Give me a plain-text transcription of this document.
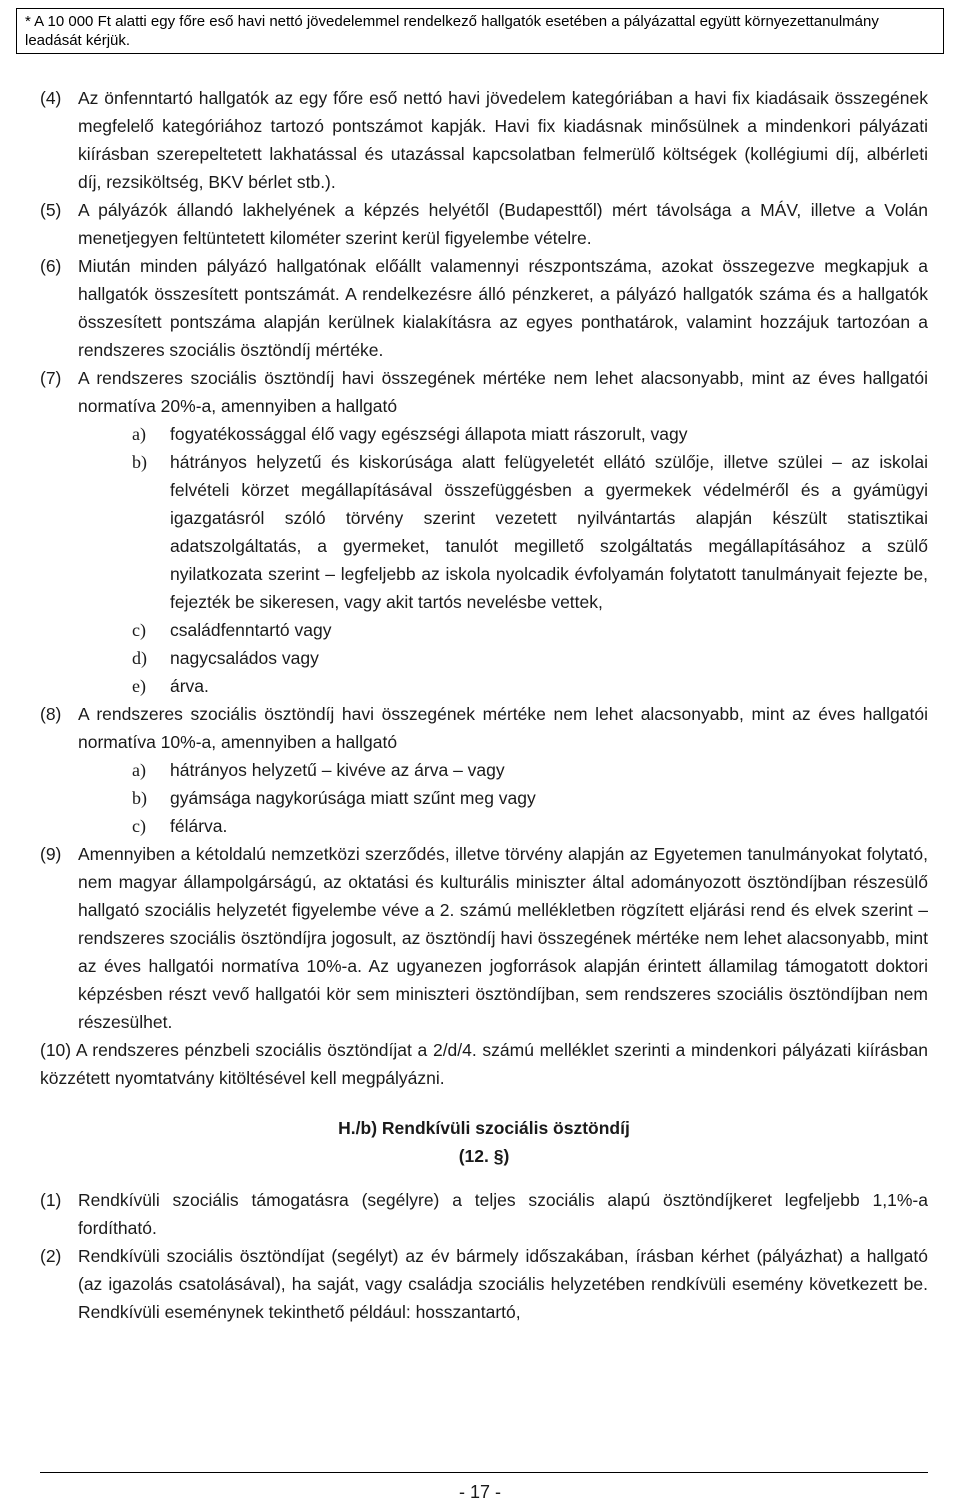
* A 10 000 Ft alatti egy főre eső havi nettó jövedelemmel rendelkező hallgatók esetében a pályázattal együtt környezettanulmány leadását kérjük.

(4) Az önfenntartó hallgatók az egy főre eső nettó havi jövedelem kategóriában a havi fix kiadásaik összegének megfelelő kategóriához tartozó pontszámot kapják. Havi fix kiadásnak minősülnek a mindenkori pályázati kiírásban szerepeltetett lakhatással és utazással kapcsolatban felmerülő költségek (kollégiumi díj, albérleti díj, rezsiköltség, BKV bérlet stb.).

(5) A pályázók állandó lakhelyének a képzés helyétől (Budapesttől) mért távolsága a MÁV, illetve a Volán menetjegyen feltüntetett kilométer szerint kerül figyelembe vételre.

(6) Miután minden pályázó hallgatónak előállt valamennyi részpontszáma, azokat összegezve megkapjuk a hallgatók összesített pontszámát. A rendelkezésre álló pénzkeret, a pályázó hallgatók száma és a hallgatók összesített pontszáma alapján kerülnek kialakításra az egyes ponthatárok, valamint hozzájuk tartozóan a rendszeres szociális ösztöndíj mértéke.

(7) A rendszeres szociális ösztöndíj havi összegének mértéke nem lehet alacsonyabb, mint az éves hallgatói normatíva 20%-a, amennyiben a hallgató

a) fogyatékossággal élő vagy egészségi állapota miatt rászorult, vagy
b) hátrányos helyzetű és kiskorúsága alatt felügyeletét ellátó szülője, illetve szülei – az iskolai felvételi körzet megállapításával összefüggésben a gyermekek védelméről és a gyámügyi igazgatásról szóló törvény szerint vezetett nyilvántartás alapján készült statisztikai adatszolgáltatás, a gyermeket, tanulót megillető szolgáltatás megállapításához a szülő nyilatkozata szerint – legfeljebb az iskola nyolcadik évfolyamán folytatott tanulmányait fejezte be, fejezték be sikeresen, vagy akit tartós nevelésbe vettek,
c) családfenntartó vagy
d) nagycsaládos vagy
e) árva.

(8) A rendszeres szociális ösztöndíj havi összegének mértéke nem lehet alacsonyabb, mint az éves hallgatói normatíva 10%-a, amennyiben a hallgató

a) hátrányos helyzetű – kivéve az árva – vagy
b) gyámsága nagykorúsága miatt szűnt meg vagy
c) félárva.

(9) Amennyiben a kétoldalú nemzetközi szerződés, illetve törvény alapján az Egyetemen tanulmányokat folytató, nem magyar állampolgárságú, az oktatási és kulturális miniszter által adományozott ösztöndíjban részesülő hallgató szociális helyzetét figyelembe véve a 2. számú mellékletben rögzített eljárási rend és elvek szerint – rendszeres szociális ösztöndíjra jogosult, az ösztöndíj havi összegének mértéke nem lehet alacsonyabb, mint az éves hallgatói normatíva 10%-a. Az ugyanezen jogforrások alapján érintett államilag támogatott doktori képzésben részt vevő hallgatói kör sem miniszteri ösztöndíjban, sem rendszeres szociális ösztöndíjban nem részesülhet.

(10) A rendszeres pénzbeli szociális ösztöndíjat a 2/d/4. számú melléklet szerinti a mindenkori pályázati kiírásban közzétett nyomtatvány kitöltésével kell megpályázni.

H./b) Rendkívüli szociális ösztöndíj

(12. §)

(1) Rendkívüli szociális támogatásra (segélyre) a teljes szociális alapú ösztöndíjkeret legfeljebb 1,1%-a fordítható.

(2) Rendkívüli szociális ösztöndíjat (segélyt) az év bármely időszakában, írásban kérhet (pályázhat) a hallgató (az igazolás csatolásával), ha saját, vagy családja szociális helyzetében rendkívüli esemény következett be. Rendkívüli eseménynek tekinthető például: hosszantartó,

- 17 -
